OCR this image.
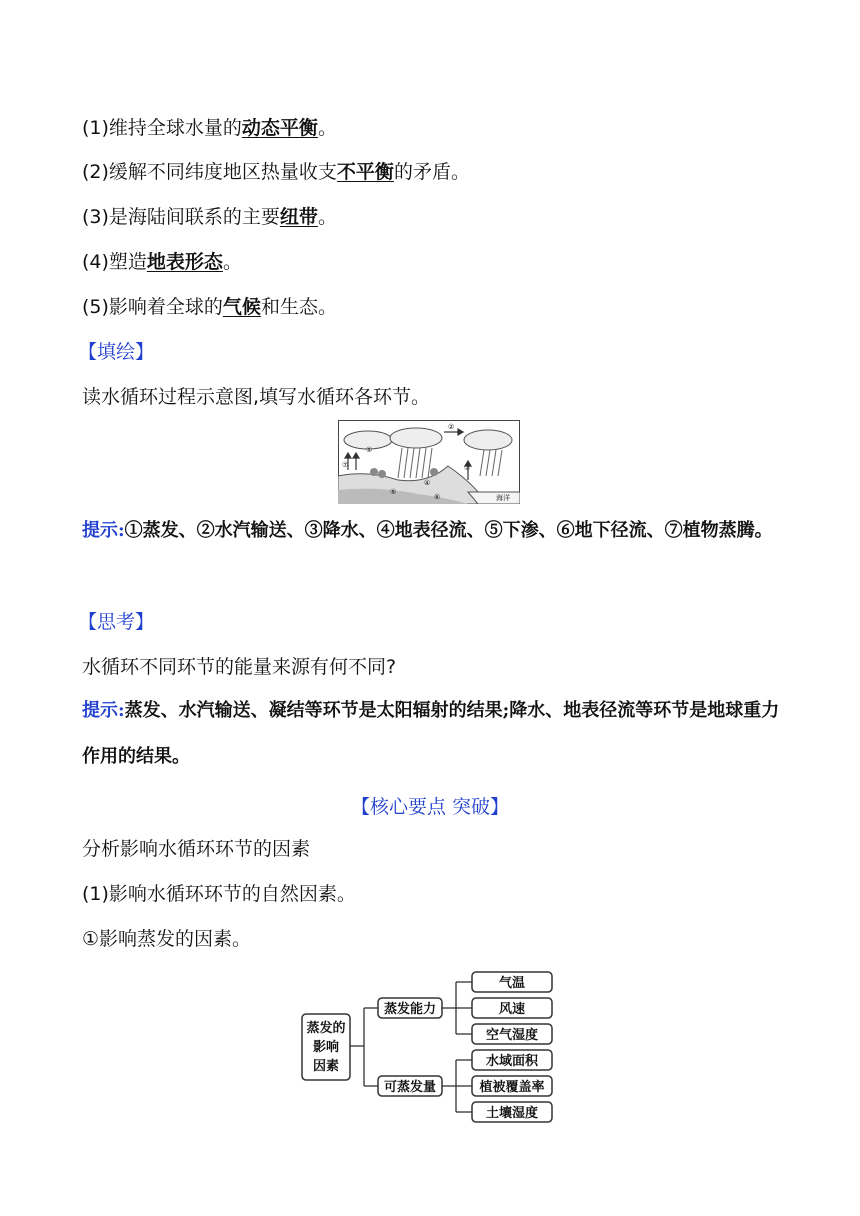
(1)维持全球水量的动态平衡。
(2)缓解不同纬度地区热量收支不平衡的矛盾。
(3)是海陆间联系的主要纽带。
(4)塑造地表形态。
(5)影响着全球的气候和生态。
【填绘】
读水循环过程示意图,填写水循环各环节。
⑦
①
②
③
④
⑤
⑥	海洋
提示:①蒸发、②水汽输送、③降水、④地表径流、⑤下渗、⑥地下径流、⑦植物蒸腾。
【思考】
水循环不同环节的能量来源有何不同?
提示:蒸发、水汽输送、凝结等环节是太阳辐射的结果;降水、地表径流等环节是地球重力作用的结果。
【核心要点 突破】
分析影响水循环环节的因素
(1)影响水循环环节的自然因素。
①影响蒸发的因素。
蒸发的
影响
因素
蒸发能力
可蒸发量
气温
风速
空气湿度
水域面积
植被覆盖率
土壤湿度
